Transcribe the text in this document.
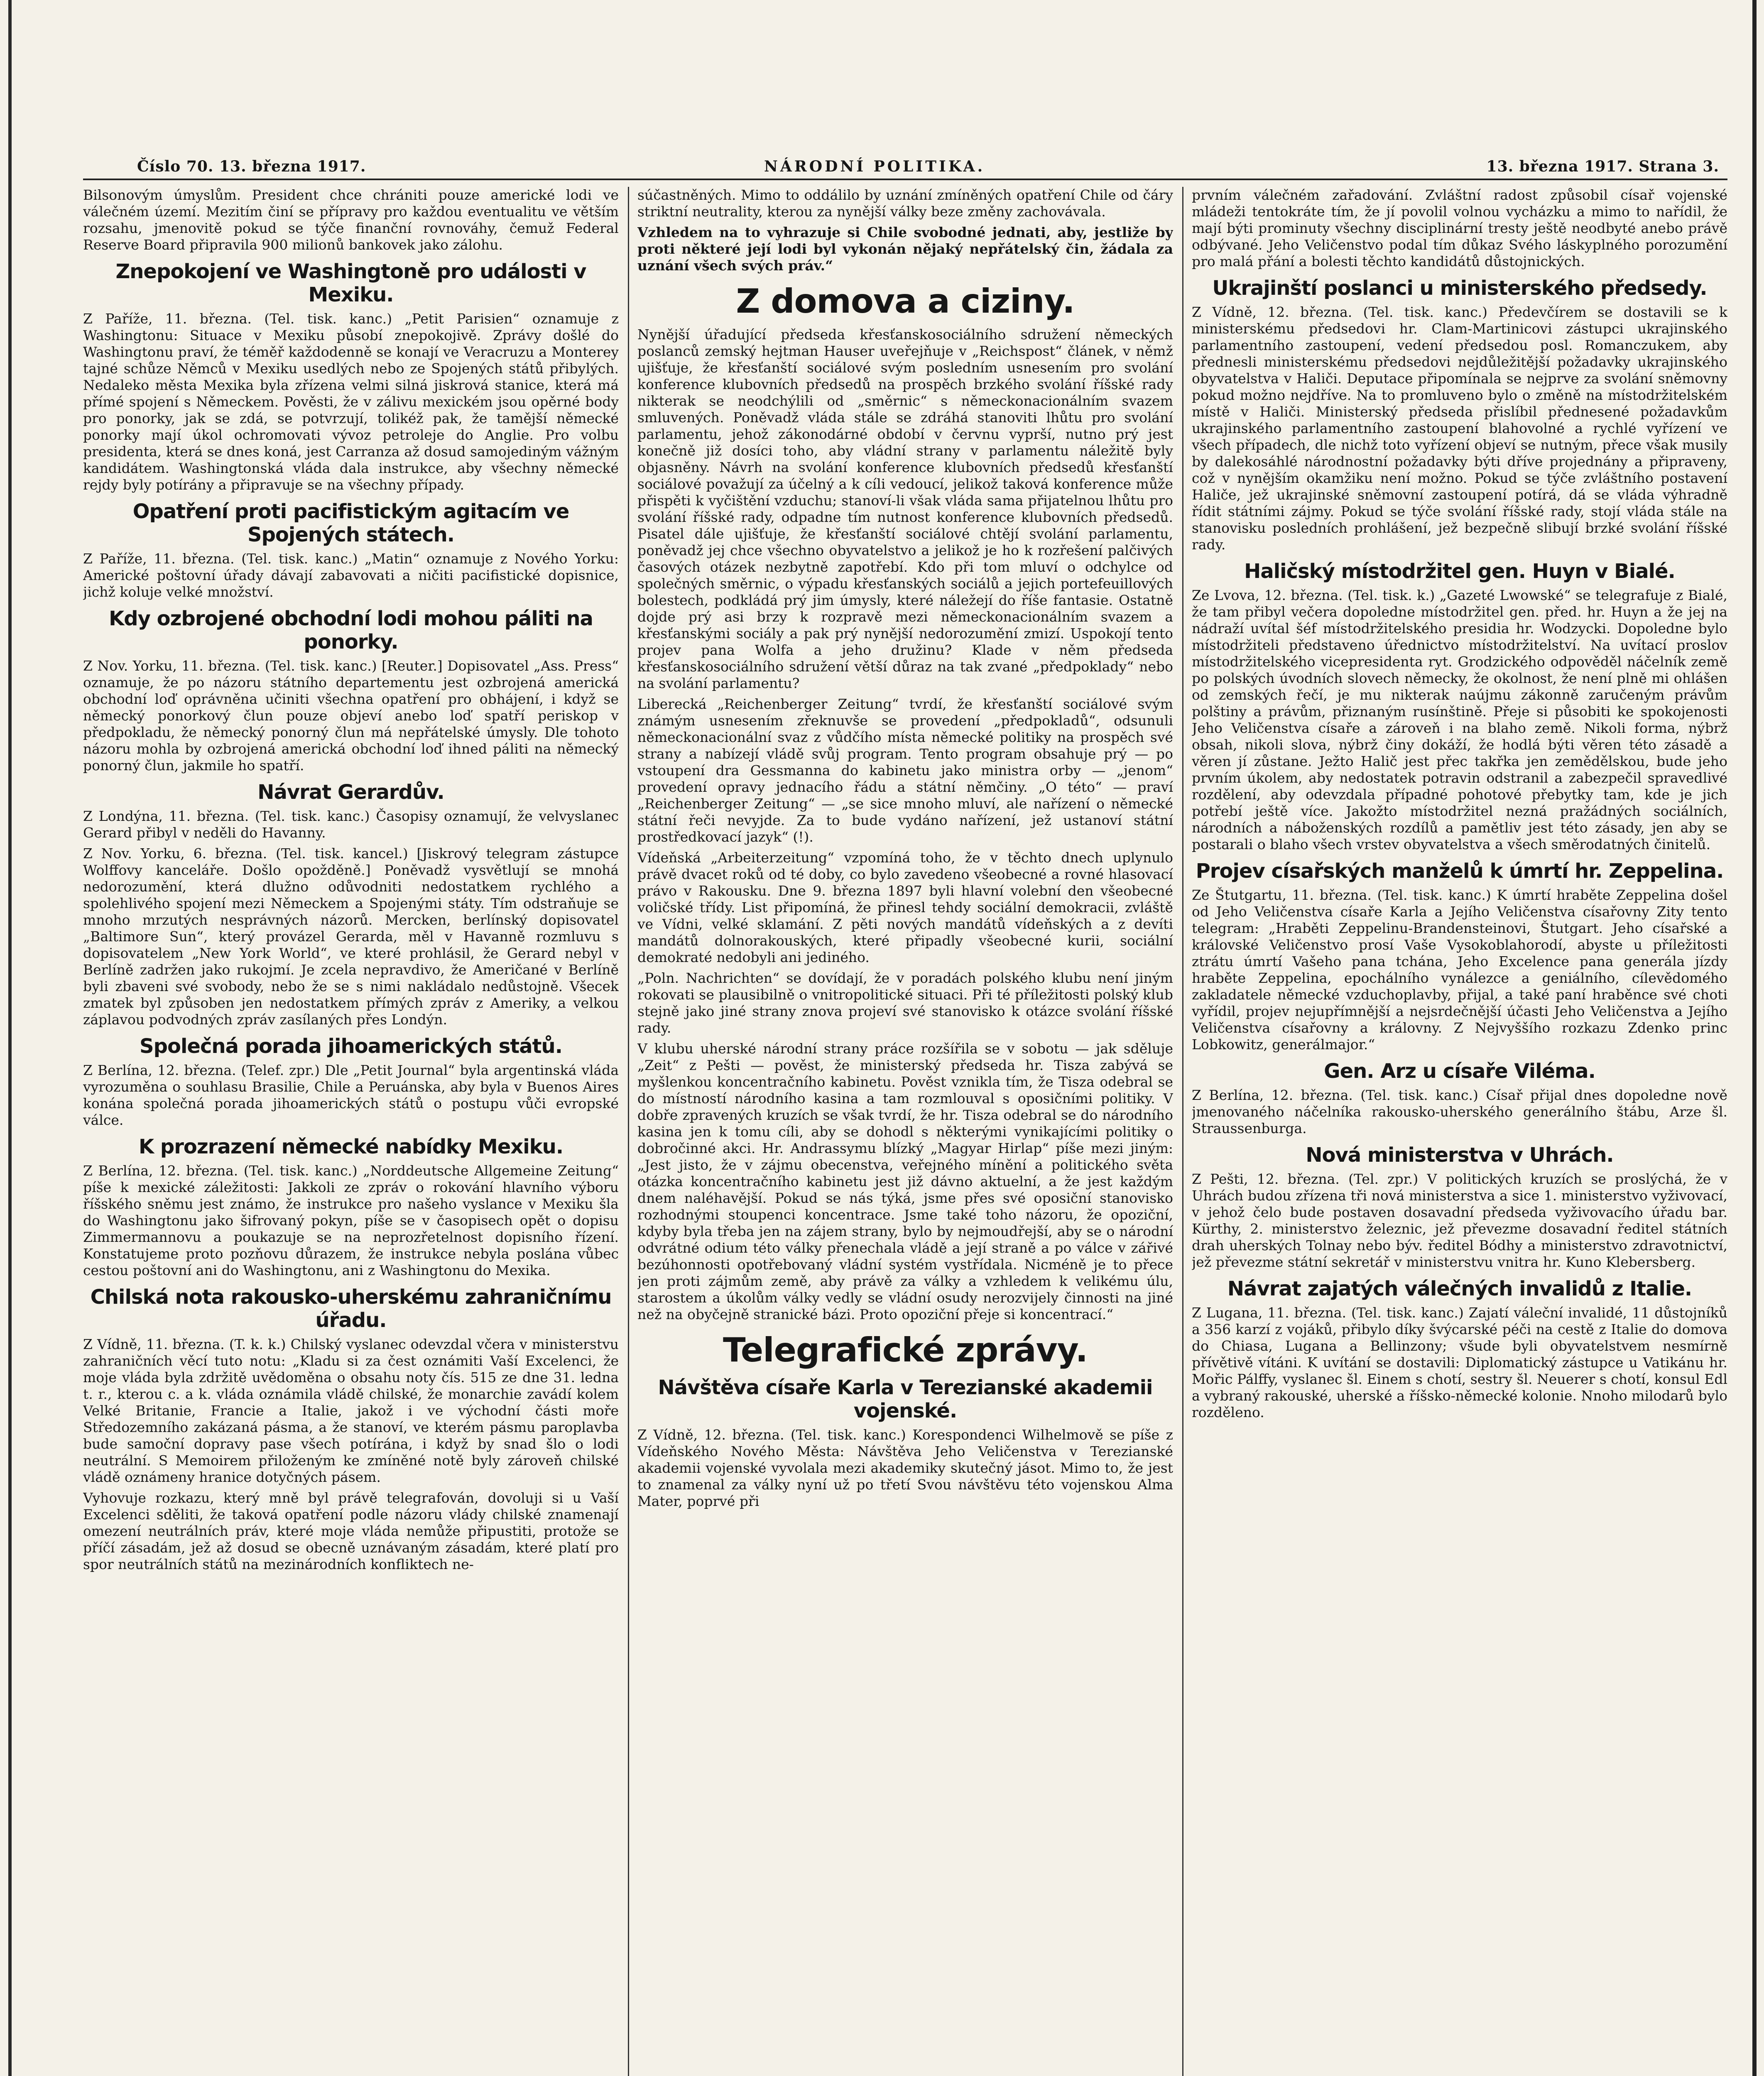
Číslo 70. 13. března 1917.	NÁRODNÍ POLITIKA.	13. března 1917. Strana 3.

Bilsonovým úmyslům. President chce chrániti pouze americké lodi ve válečném území. Mezitím činí se přípravy pro každou eventualitu ve větším rozsahu, jmenovitě pokud se týče finanční rovnováhy, čemuž Federal Reserve Board připravila 900 milionů bankovek jako zálohu.

Znepokojení ve Washingtoně pro události v Mexiku.

Z Paříže, 11. března. (Tel. tisk. kanc.) „Petit Parisien“ oznamuje z Washingtonu: Situace v Mexiku působí znepokojivě. Zprávy došlé do Washingtonu praví, že téměř každodenně se konají ve Veracruzu a Monterey tajné schůze Němců v Mexiku usedlých nebo ze Spojených států přibylých. Nedaleko města Mexika byla zřízena velmi silná jiskrová stanice, která má přímé spojení s Německem. Pověsti, že v zálivu mexickém jsou opěrné body pro ponorky, jak se zdá, se potvrzují, tolikéž pak, že tamější německé ponorky mají úkol ochromovati vývoz petroleje do Anglie. Pro volbu presidenta, která se dnes koná, jest Carranza až dosud samojediným vážným kandidátem. Washingtonská vláda dala instrukce, aby všechny německé rejdy byly potírány a připravuje se na všechny případy.

Opatření proti pacifistickým agitacím ve Spojených státech.

Z Paříže, 11. března. (Tel. tisk. kanc.) „Matin“ oznamuje z Nového Yorku: Americké poštovní úřady dávají zabavovati a ničiti pacifistické dopisnice, jichž koluje velké množství.

Kdy ozbrojené obchodní lodi mohou páliti na ponorky.

Z Nov. Yorku, 11. března. (Tel. tisk. kanc.) [Reuter.] Dopisovatel „Ass. Press“ oznamuje, že po názoru státního departementu jest ozbrojená americká obchodní loď oprávněna učiniti všechna opatření pro obhájení, i když se německý ponorkový člun pouze objeví anebo loď spatří periskop v předpokladu, že německý ponorný člun má nepřátelské úmysly. Dle tohoto názoru mohla by ozbrojená americká obchodní loď ihned páliti na německý ponorný člun, jakmile ho spatří.

Návrat Gerardův.

Z Londýna, 11. března. (Tel. tisk. kanc.) Časopisy oznamují, že velvyslanec Gerard přibyl v neděli do Havanny.

Z Nov. Yorku, 6. března. (Tel. tisk. kancel.) [Jiskrový telegram zástupce Wolffovy kanceláře. Došlo opožděně.] Poněvadž vysvětlují se mnohá nedorozumění, která dlužno odůvodniti nedostatkem rychlého a spolehlivého spojení mezi Německem a Spojenými státy. Tím odstraňuje se mnoho mrzutých nesprávných názorů. Mercken, berlínský dopisovatel „Baltimore Sun“, který provázel Gerarda, měl v Havanně rozmluvu s dopisovatelem „New York World“, ve které prohlásil, že Gerard nebyl v Berlíně zadržen jako rukojmí. Je zcela nepravdivo, že Američané v Berlíně byli zbaveni své svobody, nebo že se s nimi nakládalo nedůstojně. Všecek zmatek byl způsoben jen nedostatkem přímých zpráv z Ameriky, a velkou záplavou podvodných zpráv zasílaných přes Londýn.

Společná porada jihoamerických států.

Z Berlína, 12. března. (Telef. zpr.) Dle „Petit Journal“ byla argentinská vláda vyrozuměna o souhlasu Brasilie, Chile a Peruánska, aby byla v Buenos Aires konána společná porada jihoamerických států o postupu vůči evropské válce.

K prozrazení německé nabídky Mexiku.

Z Berlína, 12. března. (Tel. tisk. kanc.) „Norddeutsche Allgemeine Zeitung“ píše k mexické záležitosti: Jakkoli ze zpráv o rokování hlavního výboru říšského sněmu jest známo, že instrukce pro našeho vyslance v Mexiku šla do Washingtonu jako šifrovaný pokyn, píše se v časopisech opět o dopisu Zimmermannovu a poukazuje se na neprozřetelnost dopisního řízení. Konstatujeme proto pozňovu důrazem, že instrukce nebyla poslána vůbec cestou poštovní ani do Washingtonu, ani z Washingtonu do Mexika.

Chilská nota rakousko-uherskému zahraničnímu úřadu.

Z Vídně, 11. března. (T. k. k.) Chilský vyslanec odevzdal včera v ministerstvu zahraničních věcí tuto notu: „Kladu si za čest oznámiti Vaší Excelenci, že moje vláda byla zdržitě uvědoměna o obsahu noty čís. 515 ze dne 31. ledna t. r., kterou c. a k. vláda oznámila vládě chilské, že monarchie zavádí kolem Velké Britanie, Francie a Italie, jakož i ve východní části moře Středozemního zakázaná pásma, a že stanoví, ve kterém pásmu paroplavba bude samoční dopravy pase všech potírána, i když by snad šlo o lodi neutrální. S Memoirem přiloženým ke zmíněné notě byly zároveň chilské vládě oznámeny hranice dotyčných pásem.

Vyhovuje rozkazu, který mně byl právě telegrafován, dovoluji si u Vaší Excelenci sděliti, že taková opatření podle názoru vlády chilské znamenají omezení neutrálních práv, které moje vláda nemůže připustiti, protože se příčí zásadám, jež až dosud se obecně uznávaným zásadám, které platí pro spor neutrálních států na mezinárodních konfliktech ne-

súčastněných. Mimo to oddálilo by uznání zmíněných opatření Chile od čáry striktní neutrality, kterou za nynější války beze změny zachovávala.

Vzhledem na to vyhrazuje si Chile svobodné jednati, aby, jestliže by proti některé její lodi byl vykonán nějaký nepřátelský čin, žádala za uznání všech svých práv.“

Z domova a ciziny.

Nynější úřadující předseda křesťanskosociálního sdružení německých poslanců zemský hejtman Hauser uveřejňuje v „Reichspost“ článek, v němž ujišťuje, že křesťanští sociálové svým posledním usnesením pro svolání konference klubovních předsedů na prospěch brzkého svolání říšské rady nikterak se neodchýlili od „směrnic“ s německonacionálním svazem smluvených. Poněvadž vláda stále se zdráhá stanoviti lhůtu pro svolání parlamentu, jehož zákonodárné období v červnu vyprší, nutno prý jest konečně již dosíci toho, aby vládní strany v parlamentu náležitě byly objasněny. Návrh na svolání konference klubovních předsedů křesťanští sociálové považují za účelný a k cíli vedoucí, jelikož taková konference může přispěti k vyčištění vzduchu; stanoví-li však vláda sama přijatelnou lhůtu pro svolání říšské rady, odpadne tím nutnost konference klubovních předsedů. Pisatel dále ujišťuje, že křesťanští sociálové chtějí svolání parlamentu, poněvadž jej chce všechno obyvatelstvo a jelikož je ho k rozřešení palčivých časových otázek nezbytně zapotřebí. Kdo při tom mluví o odchylce od společných směrnic, o výpadu křesťanských sociálů a jejich portefeuillových bolestech, podkládá prý jim úmysly, které náležejí do říše fantasie. Ostatně dojde prý asi brzy k rozpravě mezi německonacionálním svazem a křesťanskými sociály a pak prý nynější nedorozumění zmizí. Uspokojí tento projev pana Wolfa a jeho družinu? Klade v něm předseda křesťanskosociálního sdružení větší důraz na tak zvané „předpoklady“ nebo na svolání parlamentu?

Liberecká „Reichenberger Zeitung“ tvrdí, že křesťanští sociálové svým známým usnesením zřeknuvše se provedení „předpokladů“, odsunuli německonacionální svaz z vůdčího místa německé politiky na prospěch své strany a nabízejí vládě svůj program. Tento program obsahuje prý — po vstoupení dra Gessmanna do kabinetu jako ministra orby — „jenom“ provedení opravy jednacího řádu a státní němčiny. „O této“ — praví „Reichenberger Zeitung“ — „se sice mnoho mluví, ale nařízení o německé státní řeči nevyjde. Za to bude vydáno nařízení, jež ustanoví státní prostředkovací jazyk“ (!).

Vídeňská „Arbeiterzeitung“ vzpomíná toho, že v těchto dnech uplynulo právě dvacet roků od té doby, co bylo zavedeno všeobecné a rovné hlasovací právo v Rakousku. Dne 9. března 1897 byli hlavní volební den všeobecné voličské třídy. List připomíná, že přinesl tehdy sociální demokracii, zvláště ve Vídni, velké sklamání. Z pěti nových mandátů vídeňských a z devíti mandátů dolnorakouských, které připadly všeobecné kurii, sociální demokraté nedobyli ani jediného.

„Poln. Nachrichten“ se dovídají, že v poradách polského klubu není jiným rokovati se plausibilně o vnitropolitické situaci. Při té příležitosti polský klub stejně jako jiné strany znova projeví své stanovisko k otázce svolání říšské rady.

V klubu uherské národní strany práce rozšířila se v sobotu — jak sděluje „Zeit“ z Pešti — pověst, že ministerský předseda hr. Tisza zabývá se myšlenkou koncentračního kabinetu. Pověst vznikla tím, že Tisza odebral se do místností národního kasina a tam rozmlouval s oposičními politiky. V dobře zpravených kruzích se však tvrdí, že hr. Tisza odebral se do národního kasina jen k tomu cíli, aby se dohodl s některými vynikajícími politiky o dobročinné akci. Hr. Andrassymu blízký „Magyar Hirlap“ píše mezi jiným: „Jest jisto, že v zájmu obecenstva, veřejného mínění a politického světa otázka koncentračního kabinetu jest již dávno aktuelní, a že jest každým dnem naléhavější. Pokud se nás týká, jsme přes své oposiční stanovisko rozhodnými stoupenci koncentrace. Jsme také toho názoru, že opoziční, kdyby byla třeba jen na zájem strany, bylo by nejmoudřejší, aby se o národní odvrátné odium této války přenechala vládě a její straně a po válce v zářivé bezúhonnosti opotřebovaný vládní systém vystřídala. Nicméně je to přece jen proti zájmům země, aby právě za války a vzhledem k velikému úlu, starostem a úkolům války vedly se vládní osudy nerozvijely činnosti na jiné než na obyčejně stranické bázi. Proto opoziční přeje si koncentrací.“

Telegrafické zprávy.
Návštěva císaře Karla v Terezianské akademii vojenské.

Z Vídně, 12. března. (Tel. tisk. kanc.) Korespondenci Wilhelmově se píše z Vídeňského Nového Města: Návštěva Jeho Veličenstva v Terezianské akademii vojenské vyvolala mezi akademiky skutečný jásot. Mimo to, že jest to znamenal za války nyní už po třetí Svou návštěvu této vojenskou Alma Mater, poprvé při

prvním válečném zařadování. Zvláštní radost způsobil císař vojenské mládeži tentokráte tím, že jí povolil volnou vycházku a mimo to nařídil, že mají býti prominuty všechny disciplinární tresty ještě neodbyté anebo právě odbývané. Jeho Veličenstvo podal tím důkaz Svého láskyplného porozumění pro malá přání a bolesti těchto kandidátů důstojnických.

Ukrajinští poslanci u ministerského předsedy.

Z Vídně, 12. března. (Tel. tisk. kanc.) Předevčírem se dostavili se k ministerskému předsedovi hr. Clam-Martinicovi zástupci ukrajinského parlamentního zastoupení, vedení předsedou posl. Romanczukem, aby přednesli ministerskému předsedovi nejdůležitější požadavky ukrajinského obyvatelstva v Haliči. Deputace připomínala se nejprve za svolání sněmovny pokud možno nejdříve. Na to promluveno bylo o změně na místodržitelském místě v Haliči. Ministerský předseda přislíbil přednesené požadavkům ukrajinského parlamentního zastoupení blahovolné a rychlé vyřízení ve všech případech, dle nichž toto vyřízení objeví se nutným, přece však musily by dalekosáhlé národnostní požadavky býti dříve projednány a připraveny, což v nynějším okamžiku není možno. Pokud se týče zvláštního postavení Haliče, jež ukrajinské sněmovní zastoupení potírá, dá se vláda výhradně řídit státními zájmy. Pokud se týče svolání říšské rady, stojí vláda stále na stanovisku posledních prohlášení, jež bezpečně slibují brzké svolání říšské rady.

Haličský místodržitel gen. Huyn v Bialé.

Ze Lvova, 12. března. (Tel. tisk. k.) „Gazeté Lwowské“ se telegrafuje z Bialé, že tam přibyl večera dopoledne místodržitel gen. před. hr. Huyn a že jej na nádraží uvítal šéf místodržitelského presidia hr. Wodzycki. Dopoledne bylo místodržiteli představeno úřednictvo místodržitelství. Na uvítací proslov místodržitelského vicepresidenta ryt. Grodzického odpověděl náčelník země po polských úvodních slovech německy, že okolnost, že není plně mi ohlášen od zemských řečí, je mu nikterak naújmu zákonně zaručeným právům polštiny a právům, přiznaným rusínštině. Přeje si působiti ke spokojenosti Jeho Veličenstva císaře a zároveň i na blaho země. Nikoli forma, nýbrž obsah, nikoli slova, nýbrž činy dokáží, že hodlá býti věren této zásadě a věren jí zůstane. Ježto Halič jest přec takřka jen zemědělskou, bude jeho prvním úkolem, aby nedostatek potravin odstranil a zabezpečil spravedlivé rozdělení, aby odevzdala případné pohotové přebytky tam, kde je jich potřebí ještě více. Jakožto místodržitel nezná pražádných sociálních, národních a náboženských rozdílů a pamětliv jest této zásady, jen aby se postarali o blaho všech vrstev obyvatelstva a všech směrodatných činitelů.

Projev císařských manželů k úmrtí hr. Zeppelina.

Ze Štutgartu, 11. března. (Tel. tisk. kanc.) K úmrtí hraběte Zeppelina došel od Jeho Veličenstva císaře Karla a Jejího Veličenstva císařovny Zity tento telegram: „Hraběti Zeppelinu-Brandensteinovi, Štutgart. Jeho císařské a královské Veličenstvo prosí Vaše Vysokoblahorodí, abyste u příležitosti ztrátu úmrtí Vašeho pana tchána, Jeho Excelence pana generála jízdy hraběte Zeppelina, epochálního vynálezce a geniálního, cílevědomého zakladatele německé vzduchoplavby, přijal, a také paní hraběnce své choti vyřídil, projev nejupřímnější a nejsrdečnější účasti Jeho Veličenstva a Jejího Veličenstva císařovny a královny. Z Nejvyššího rozkazu Zdenko princ Lobkowitz, generálmajor.“

Gen. Arz u císaře Viléma.

Z Berlína, 12. března. (Tel. tisk. kanc.) Císař přijal dnes dopoledne nově jmenovaného náčelníka rakousko-uherského generálního štábu, Arze šl. Straussenburga.

Nová ministerstva v Uhrách.

Z Pešti, 12. března. (Tel. zpr.) V politických kruzích se proslýchá, že v Uhrách budou zřízena tři nová ministerstva a sice 1. ministerstvo vyživovací, v jehož čelo bude postaven dosavadní předseda vyživovacího úřadu bar. Kürthy, 2. ministerstvo železnic, jež převezme dosavadní ředitel státních drah uherských Tolnay nebo býv. ředitel Bódhy a ministerstvo zdravotnictví, jež převezme státní sekretář v ministerstvu vnitra hr. Kuno Klebersberg.

Návrat zajatých válečných invalidů z Italie.

Z Lugana, 11. března. (Tel. tisk. kanc.) Zajatí váleční invalidé, 11 důstojníků a 356 karzí z vojáků, přibylo díky švýcarské péči na cestě z Italie do domova do Chiasa, Lugana a Bellinzony; všude byli obyvatelstvem nesmírně přívětivě vítáni. K uvítání se dostavili: Diplomatický zástupce u Vatikánu hr. Mořic Pálffy, vyslanec šl. Einem s chotí, sestry šl. Neuerer s chotí, konsul Edl a vybraný rakouské, uherské a říšsko-německé kolonie. Nnoho milodarů bylo rozděleno.
